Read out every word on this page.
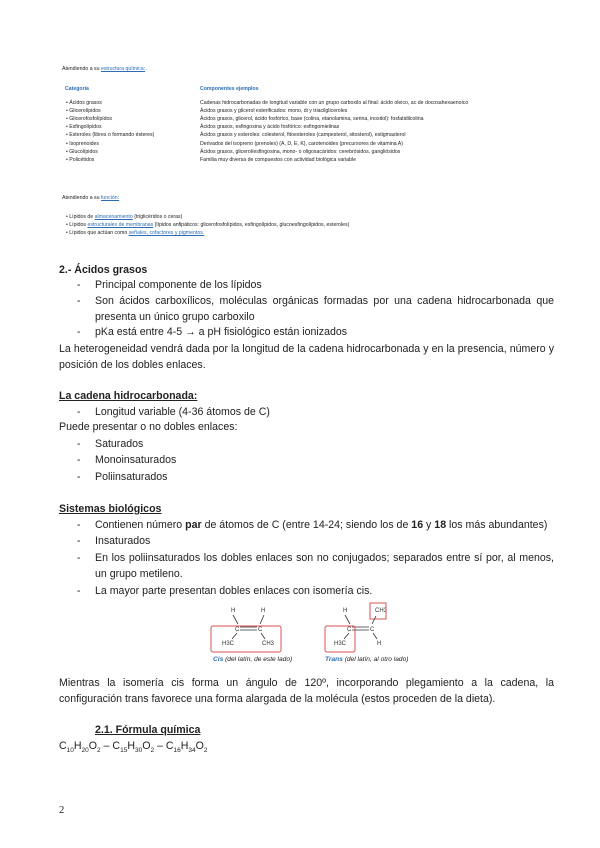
Atendiendo a su estructura química:
Categoría	Componentes ejemplos
• Ácidos grasos	Cadenas hidrocarbonadas de longitud variable con un grupo carboxilo al final: ácido oleico, ac de docosahexaenoico
• Glicerolípidos	Ácidos grasos y glicerol esterificados: mono, di y triacilgliceroles
• Glicerofosfolípidos	Ácidos grasos, glicerol, ácido fosfórico, base (colina, etanolamina, serina, inositol): fosfatidilcolina
• Esfingolípidos	Ácidos grasos, esfingosina y ácido fosfórico: esfingomielinas
• Esteroles (libres o formando ésteres)	Ácidos grasos y esteroles: colesterol, fitoesteroles (campesterol, sitosterol), estigmasterol
• Isoprenoides	Derivados del isopreno (prenoles) (A, D, E, K), carotenoides (precursores de vitamina A)
• Glucolípidos	Ácidos grasos, glicerol/esfingosina, mono- o oligosacáridos: cerebrósidos, gangliósidos
• Policétidos	Familia muy diversa de compuestos con actividad biológica variable
Atendiendo a su función:
• Lípidos de almacenamiento (triglicéridos o ceras)
• Lípidos estructurales de membranas (lípidos anfipáticos: glicerofosfolípidos, esfingolípidos, glucoesfingolípidos, esteroles)
• Lípidos que actúan como señales, cofactores y pigmentos.
2.- Ácidos grasos
- Principal componente de los lípidos
- Son ácidos carboxílicos, moléculas orgánicas formadas por una cadena hidrocarbonada que presenta un único grupo carboxilo
- pKa está entre 4-5 → a pH fisiológico están ionizados
La heterogeneidad vendrá dada por la longitud de la cadena hidrocarbonada y en la presencia, número y posición de los dobles enlaces.
La cadena hidrocarbonada:
- Longitud variable (4-36 átomos de C)
Puede presentar o no dobles enlaces:
- Saturados
- Monoinsaturados
- Poliinsaturados
Sistemas biológicos
- Contienen número par de átomos de C (entre 14-24; siendo los de 16 y 18 los más abundantes)
- Insaturados
- En los poliinsaturados los dobles enlaces son no conjugados; separados entre sí por, al menos, un grupo metileno.
- La mayor parte presentan dobles enlaces con isomería cis.
H	H
C	C
H3C	CH3
H	CH3
C	C
H3C	H
Cis (del latín, de este lado)	Trans (del latín, al otro lado)
Mientras la isomería cis forma un ángulo de 120º, incorporando plegamiento a la cadena, la configuración trans favorece una forma alargada de la molécula (estos proceden de la dieta).
2.1. Fórmula química
$C_{10}H_{20}O_2 - C_{15}H_{30}O_2 - C_{16}H_{34}O_2$
2
